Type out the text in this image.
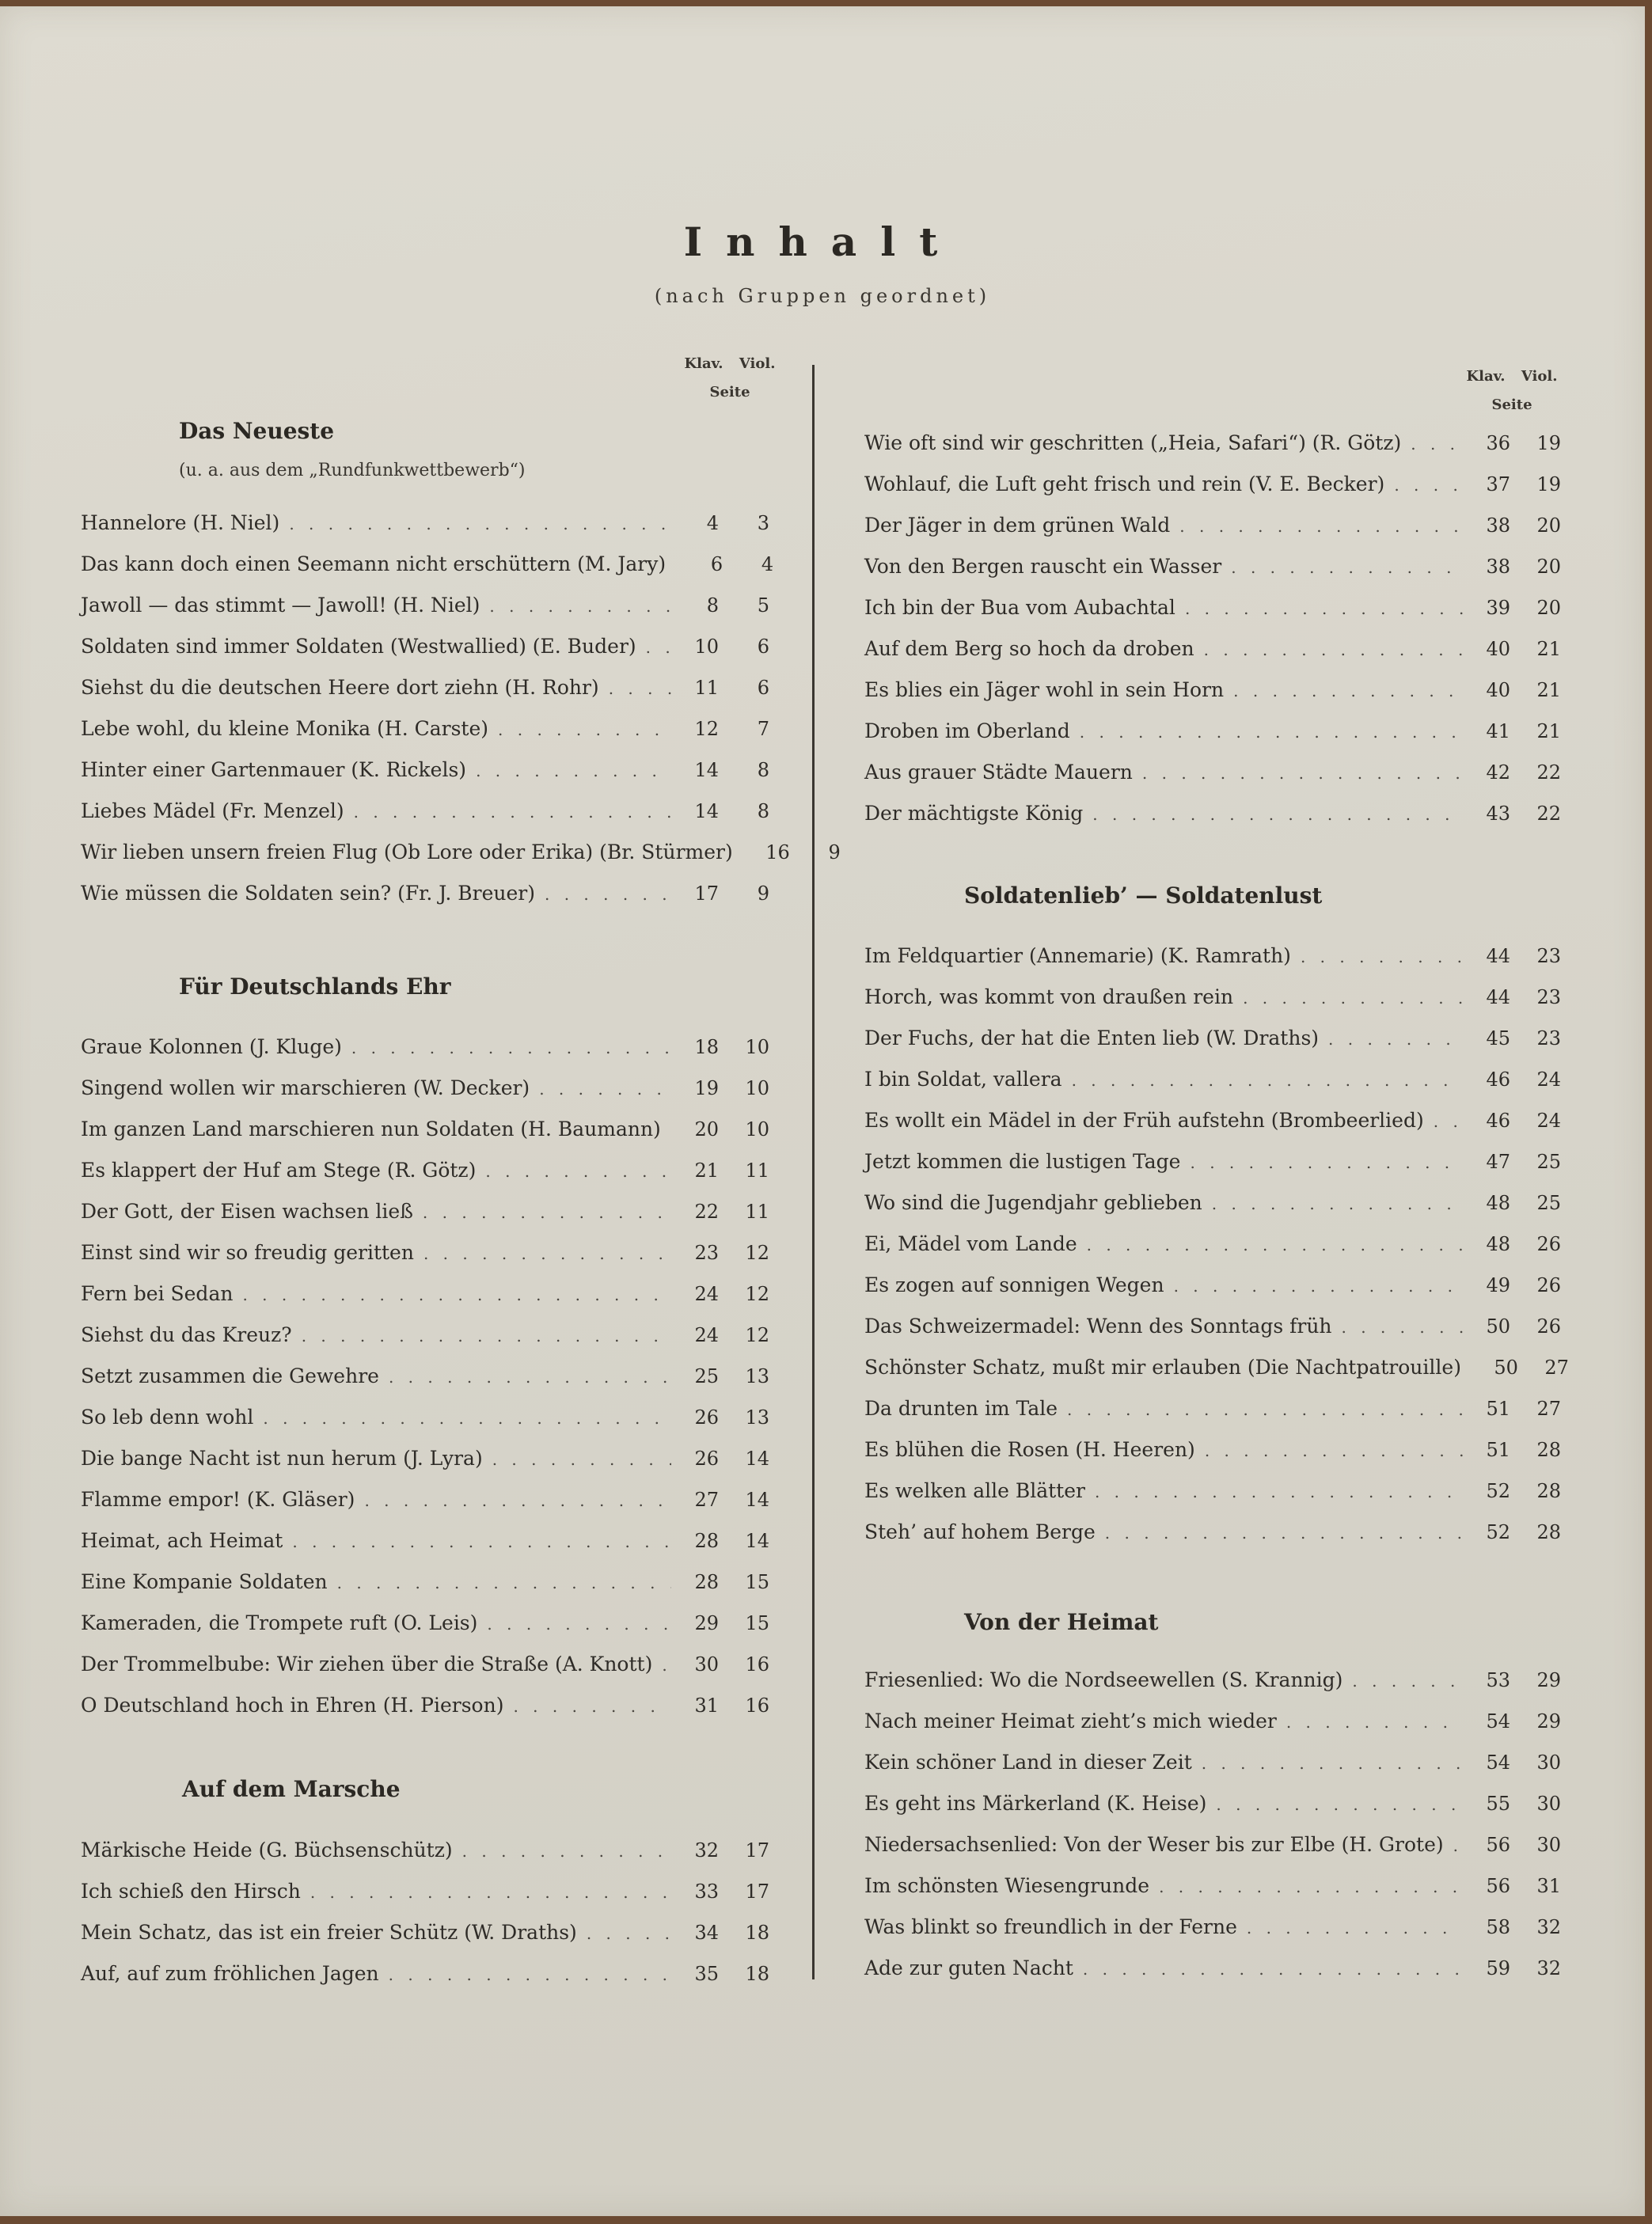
Inhalt
(nach Gruppen geordnet)
Klav. Viol.
Seite
Klav. Viol.
Seite
Das Neueste
(u. a. aus dem „Rundfunkwettbewerb“)
Hannelore (H. Niel) . . .	4	3
Das kann doch einen Seemann nicht erschüttern (M. Jary)	6	4
Jawoll — das stimmt — Jawoll! (H. Niel) . . .	8	5
Soldaten sind immer Soldaten (Westwallied) (E. Buder) . . .	10	6
Siehst du die deutschen Heere dort ziehn (H. Rohr) . . .	11	6
Lebe wohl, du kleine Monika (H. Carste) . . .	12	7
Hinter einer Gartenmauer (K. Rickels) . . .	14	8
Liebes Mädel (Fr. Menzel) . . .	14	8
Wir lieben unsern freien Flug (Ob Lore oder Erika) (Br. Stürmer)	16	9
Wie müssen die Soldaten sein? (Fr. J. Breuer) . . .	17	9
Für Deutschlands Ehr
Graue Kolonnen (J. Kluge) . . .	18	10
Singend wollen wir marschieren (W. Decker) . . .	19	10
Im ganzen Land marschieren nun Soldaten (H. Baumann) . . .	20	10
Es klappert der Huf am Stege (R. Götz) . . .	21	11
Der Gott, der Eisen wachsen ließ . . .	22	11
Einst sind wir so freudig geritten . . .	23	12
Fern bei Sedan . . .	24	12
Siehst du das Kreuz? . . .	24	12
Setzt zusammen die Gewehre . . .	25	13
So leb denn wohl . . .	26	13
Die bange Nacht ist nun herum (J. Lyra) . . .	26	14
Flamme empor! (K. Gläser) . . .	27	14
Heimat, ach Heimat . . .	28	14
Eine Kompanie Soldaten . . .	28	15
Kameraden, die Trompete ruft (O. Leis) . . .	29	15
Der Trommelbube: Wir ziehen über die Straße (A. Knott) . . .	30	16
O Deutschland hoch in Ehren (H. Pierson) . . .	31	16
Auf dem Marsche
Märkische Heide (G. Büchsenschütz) . . .	32	17
Ich schieß den Hirsch . . .	33	17
Mein Schatz, das ist ein freier Schütz (W. Draths) . . .	34	18
Auf, auf zum fröhlichen Jagen . . .	35	18
Wie oft sind wir geschritten („Heia, Safari“) (R. Götz) . . .	36	19
Wohlauf, die Luft geht frisch und rein (V. E. Becker) . . .	37	19
Der Jäger in dem grünen Wald . . .	38	20
Von den Bergen rauscht ein Wasser . . .	38	20
Ich bin der Bua vom Aubachtal . . .	39	20
Auf dem Berg so hoch da droben . . .	40	21
Es blies ein Jäger wohl in sein Horn . . .	40	21
Droben im Oberland . . .	41	21
Aus grauer Städte Mauern . . .	42	22
Der mächtigste König . . .	43	22
Soldatenlieb’ — Soldatenlust
Im Feldquartier (Annemarie) (K. Ramrath) . . .	44	23
Horch, was kommt von draußen rein . . .	44	23
Der Fuchs, der hat die Enten lieb (W. Draths) . . .	45	23
I bin Soldat, vallera . . .	46	24
Es wollt ein Mädel in der Früh aufstehn (Brombeerlied) . . .	46	24
Jetzt kommen die lustigen Tage . . .	47	25
Wo sind die Jugendjahr geblieben . . .	48	25
Ei, Mädel vom Lande . . .	48	26
Es zogen auf sonnigen Wegen . . .	49	26
Das Schweizermadel: Wenn des Sonntags früh . . .	50	26
Schönster Schatz, mußt mir erlauben (Die Nachtpatrouille)	50	27
Da drunten im Tale . . .	51	27
Es blühen die Rosen (H. Heeren) . . .	51	28
Es welken alle Blätter . . .	52	28
Steh’ auf hohem Berge . . .	52	28
Von der Heimat
Friesenlied: Wo die Nordseewellen (S. Krannig) . . .	53	29
Nach meiner Heimat zieht’s mich wieder . . .	54	29
Kein schöner Land in dieser Zeit . . .	54	30
Es geht ins Märkerland (K. Heise) . . .	55	30
Niedersachsenlied: Von der Weser bis zur Elbe (H. Grote) . . .	56	30
Im schönsten Wiesengrunde . . .	56	31
Was blinkt so freundlich in der Ferne . . .	58	32
Ade zur guten Nacht . . .	59	32
